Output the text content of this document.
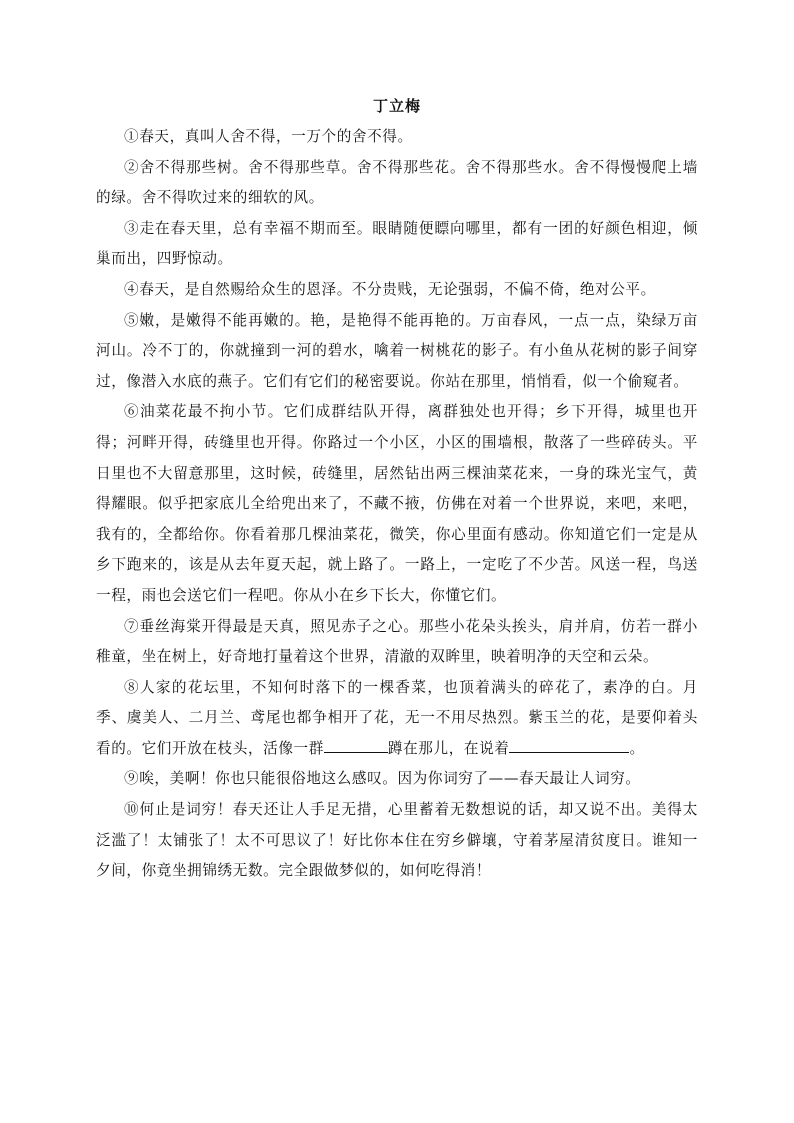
丁立梅

①春天，真叫人舍不得，一万个的舍不得。

②舍不得那些树。舍不得那些草。舍不得那些花。舍不得那些水。舍不得慢慢爬上墙的绿。舍不得吹过来的细软的风。

③走在春天里，总有幸福不期而至。眼睛随便瞟向哪里，都有一团的好颜色相迎，倾巢而出，四野惊动。

④春天，是自然赐给众生的恩泽。不分贵贱，无论强弱，不偏不倚，绝对公平。

⑤嫩，是嫩得不能再嫩的。艳，是艳得不能再艳的。万亩春风，一点一点，染绿万亩河山。冷不丁的，你就撞到一河的碧水，噙着一树桃花的影子。有小鱼从花树的影子间穿过，像潜入水底的燕子。它们有它们的秘密要说。你站在那里，悄悄看，似一个偷窥者。

⑥油菜花最不拘小节。它们成群结队开得，离群独处也开得；乡下开得，城里也开得；河畔开得，砖缝里也开得。你路过一个小区，小区的围墙根，散落了一些碎砖头。平日里也不大留意那里，这时候，砖缝里，居然钻出两三棵油菜花来，一身的珠光宝气，黄得耀眼。似乎把家底儿全给兜出来了，不藏不掖，仿佛在对着一个世界说，来吧，来吧，我有的，全都给你。你看着那几棵油菜花，微笑，你心里面有感动。你知道它们一定是从乡下跑来的，该是从去年夏天起，就上路了。一路上，一定吃了不少苦。风送一程，鸟送一程，雨也会送它们一程吧。你从小在乡下长大，你懂它们。

⑦垂丝海棠开得最是天真，照见赤子之心。那些小花朵头挨头，肩并肩，仿若一群小稚童，坐在树上，好奇地打量着这个世界，清澈的双眸里，映着明净的天空和云朵。

⑧人家的花坛里，不知何时落下的一棵香菜，也顶着满头的碎花了，素净的白。月季、虞美人、二月兰、鸢尾也都争相开了花，无一不用尽热烈。紫玉兰的花，是要仰着头看的。它们开放在枝头，活像一群	蹲在那儿，在说着	。

⑨唉，美啊！你也只能很俗地这么感叹。因为你词穷了——春天最让人词穷。

⑩何止是词穷！春天还让人手足无措，心里蓄着无数想说的话，却又说不出。美得太泛滥了！太铺张了！太不可思议了！好比你本住在穷乡僻壤，守着茅屋清贫度日。谁知一夕间，你竟坐拥锦绣无数。完全跟做梦似的，如何吃得消！
